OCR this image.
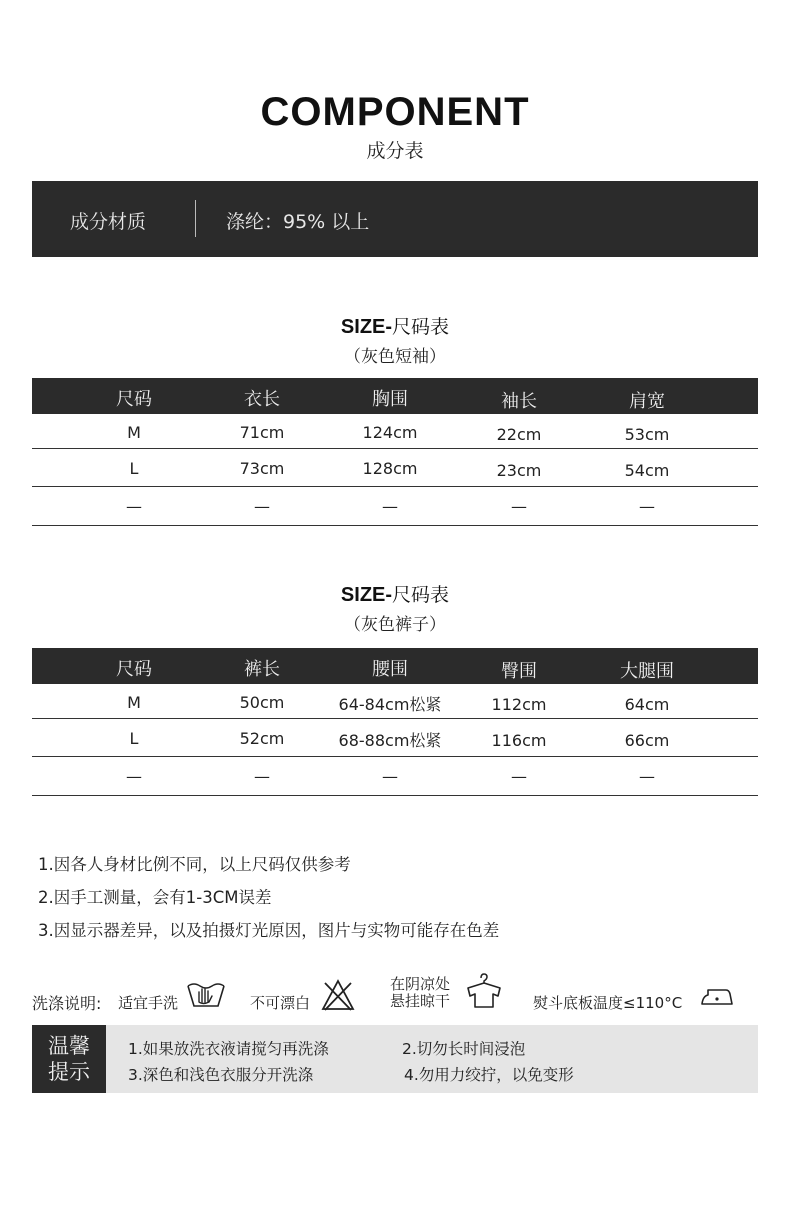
COMPONENT
成分表
成分材质	涤纶：95% 以上
SIZE-尺码表
（灰色短袖）
尺码	衣长	胸围	袖长	肩宽
M	71cm	124cm	22cm	53cm
L	73cm	128cm	23cm	54cm
—	—	—	—	—
SIZE-尺码表
（灰色裤子）
尺码	裤长	腰围	臀围	大腿围
M	50cm	64-84cm松紧	112cm	64cm
L	52cm	68-88cm松紧	116cm	66cm
—	—	—	—	—
1.因各人身材比例不同，以上尺码仅供参考
2.因手工测量，会有1-3CM误差
3.因显示器差异，以及拍摄灯光原因，图片与实物可能存在色差
洗涤说明: 适宜手洗	不可漂白
在阴凉处
悬挂晾干	熨斗底板温度≤110°C
温馨
提示
1.如果放洗衣液请搅匀再洗涤	2.切勿长时间浸泡
3.深色和浅色衣服分开洗涤	4.勿用力绞拧，以免变形
